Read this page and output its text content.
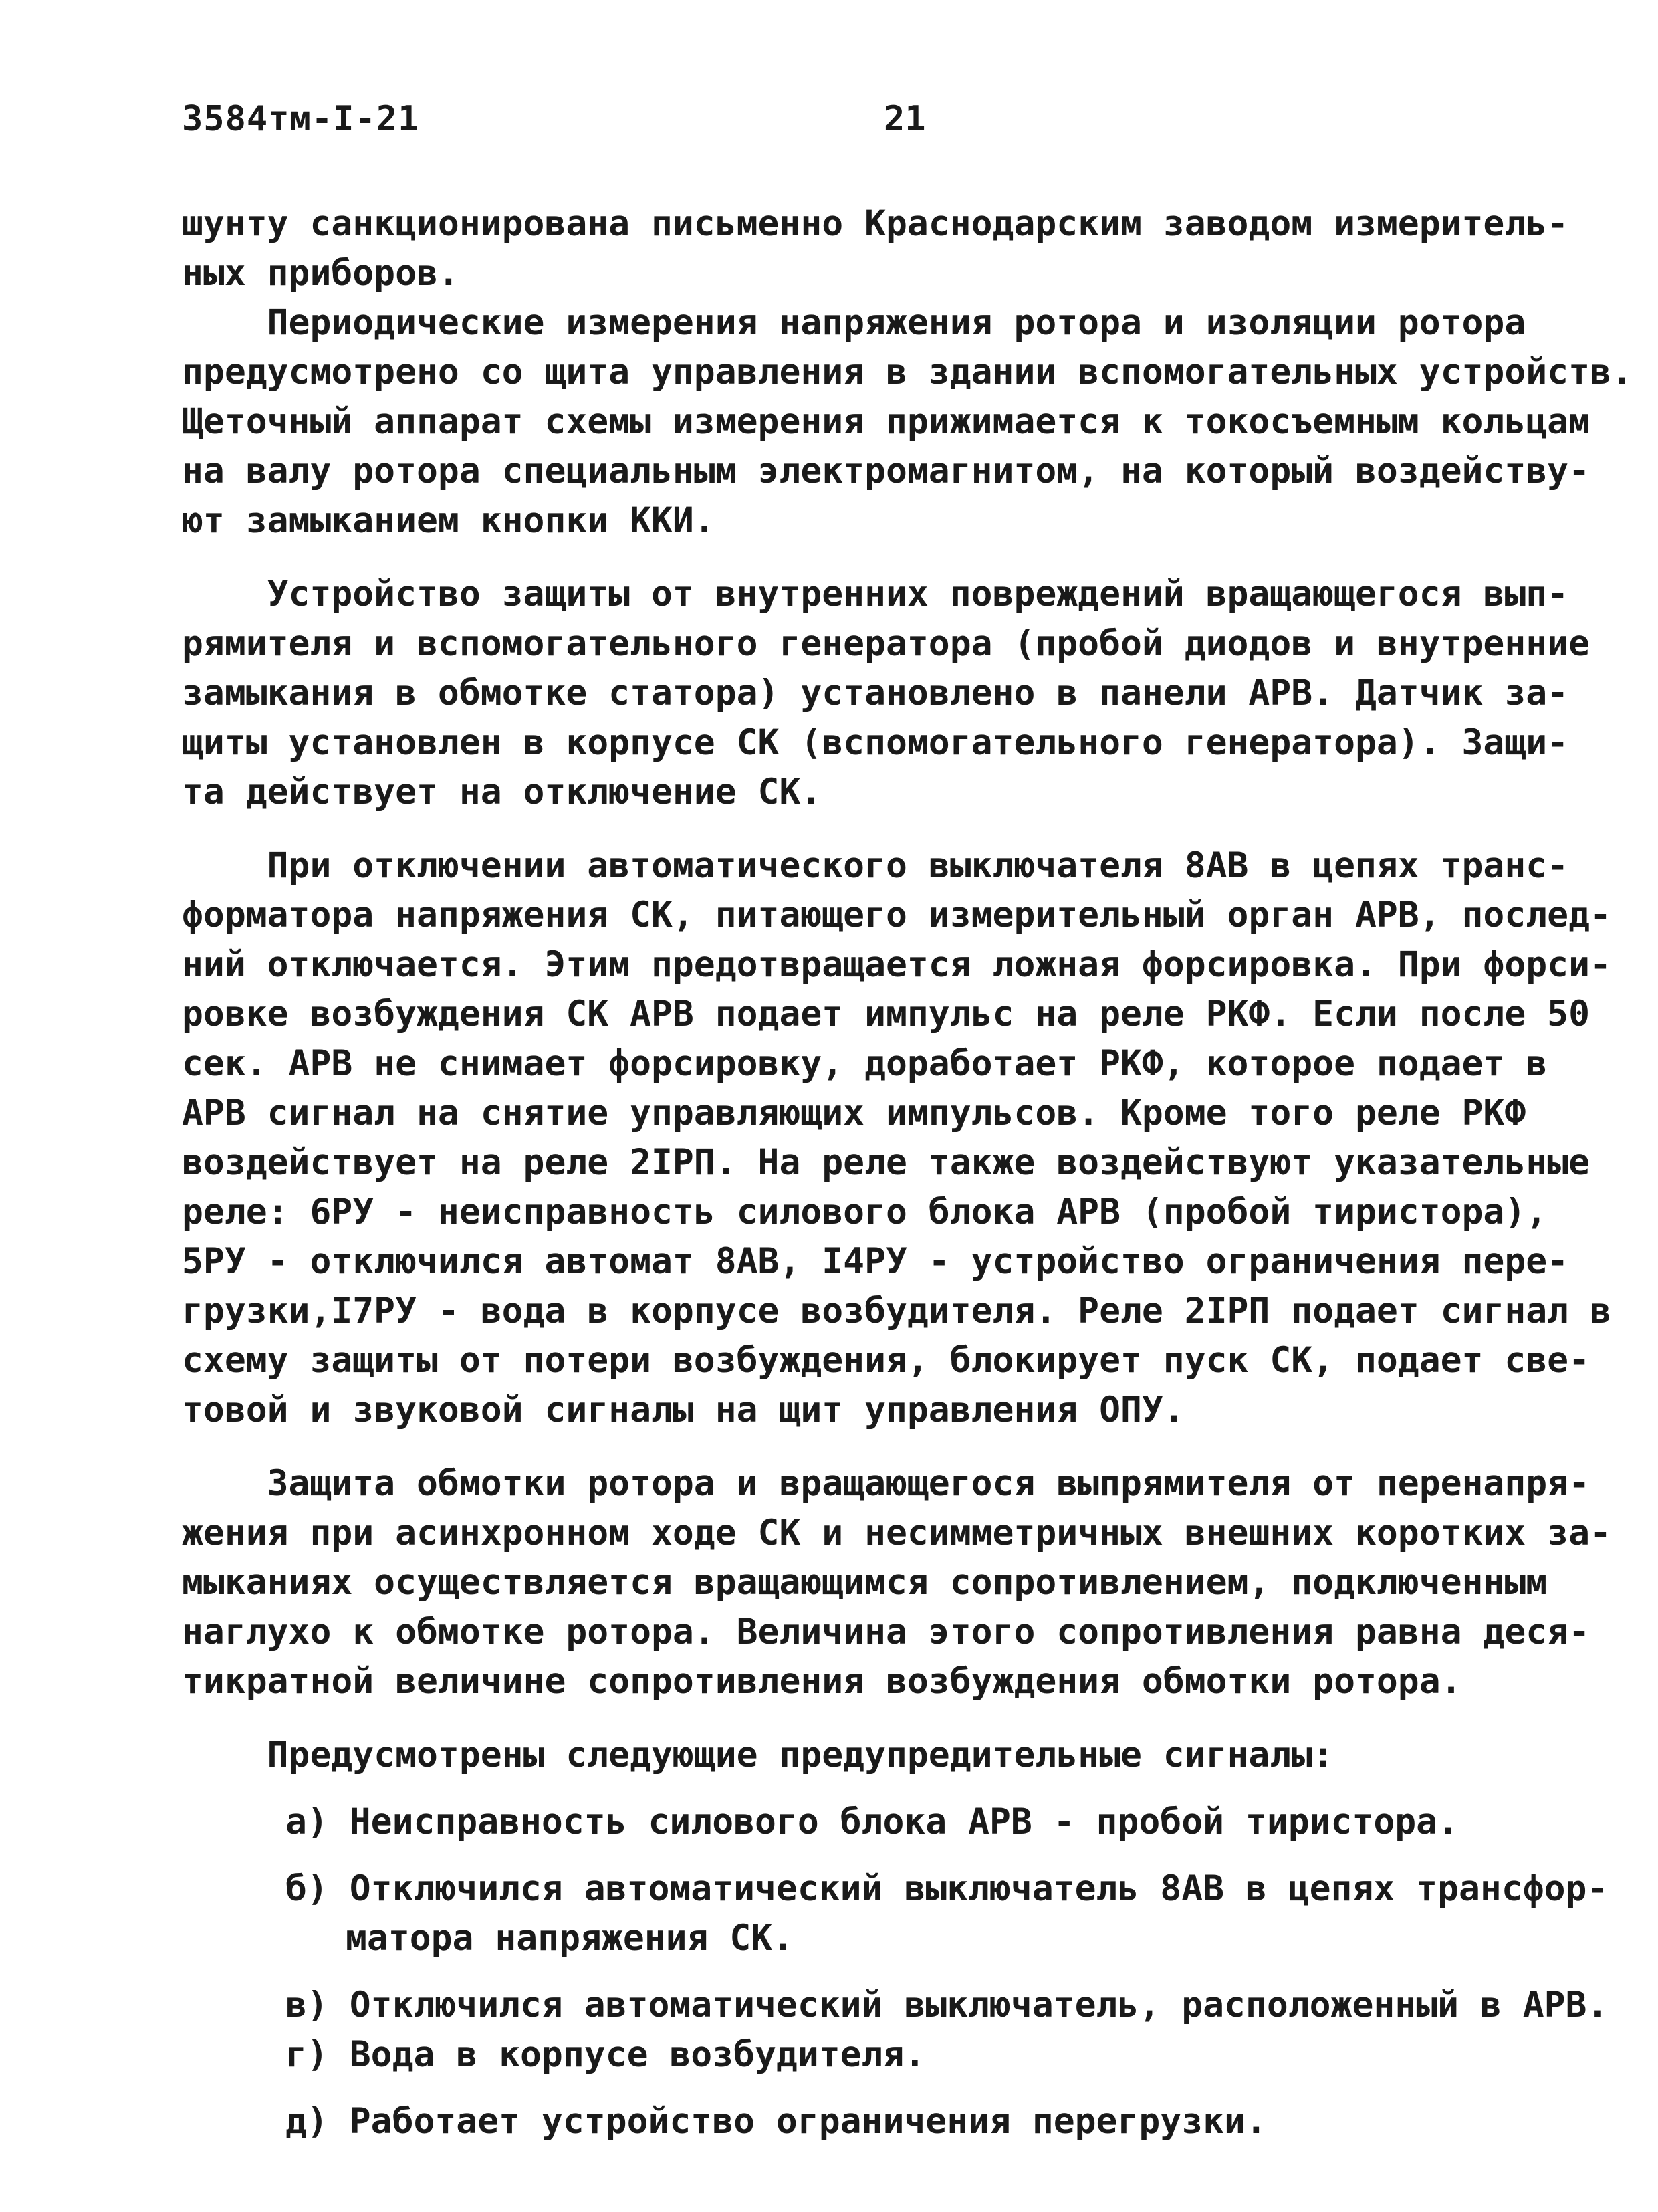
3584тм-I-21	21
шунту санкционирована письменно Краснодарским заводом измеритель-
ных приборов.
Периодические измерения напряжения ротора и изоляции ротора
предусмотрено со щита управления в здании вспомогательных устройств.
Щеточный аппарат схемы измерения прижимается к токосъемным кольцам
на валу ротора специальным электромагнитом, на который воздейству-
ют замыканием кнопки ККИ.
Устройство защиты от внутренних повреждений вращающегося вып-
рямителя и вспомогательного генератора (пробой диодов и внутренние
замыкания в обмотке статора) установлено в панели АРВ. Датчик за-
щиты установлен в корпусе СК (вспомогательного генератора). Защи-
та действует на отключение СК.
При отключении автоматического выключателя 8АВ в цепях транс-
форматора напряжения СК, питающего измерительный орган АРВ, послед-
ний отключается. Этим предотвращается ложная форсировка. При форси-
ровке возбуждения СК АРВ подает импульс на реле РКФ. Если после 50
сек. АРВ не снимает форсировку, доработает РКФ, которое подает в
АРВ сигнал на снятие управляющих импульсов. Кроме того реле РКФ
воздействует на реле 2IРП. На реле также воздействуют указательные
реле: 6РУ - неисправность силового блока АРВ (пробой тиристора),
5РУ - отключился автомат 8АВ, I4РУ - устройство ограничения пере-
грузки,I7РУ - вода в корпусе возбудителя. Реле 2IРП подает сигнал в
схему защиты от потери возбуждения, блокирует пуск СК, подает све-
товой и звуковой сигналы на щит управления ОПУ.
Защита обмотки ротора и вращающегося выпрямителя от перенапря-
жения при асинхронном ходе СК и несимметричных внешних коротких за-
мыканиях осуществляется вращающимся сопротивлением, подключенным
наглухо к обмотке ротора. Величина этого сопротивления равна деся-
тикратной величине сопротивления возбуждения обмотки ротора.
Предусмотрены следующие предупредительные сигналы:
а) Неисправность силового блока АРВ - пробой тиристора.
б) Отключился автоматический выключатель 8АВ в цепях трансфор-
матора напряжения СК.
в) Отключился автоматический выключатель, расположенный в АРВ.
г) Вода в корпусе возбудителя.
д) Работает устройство ограничения перегрузки.
